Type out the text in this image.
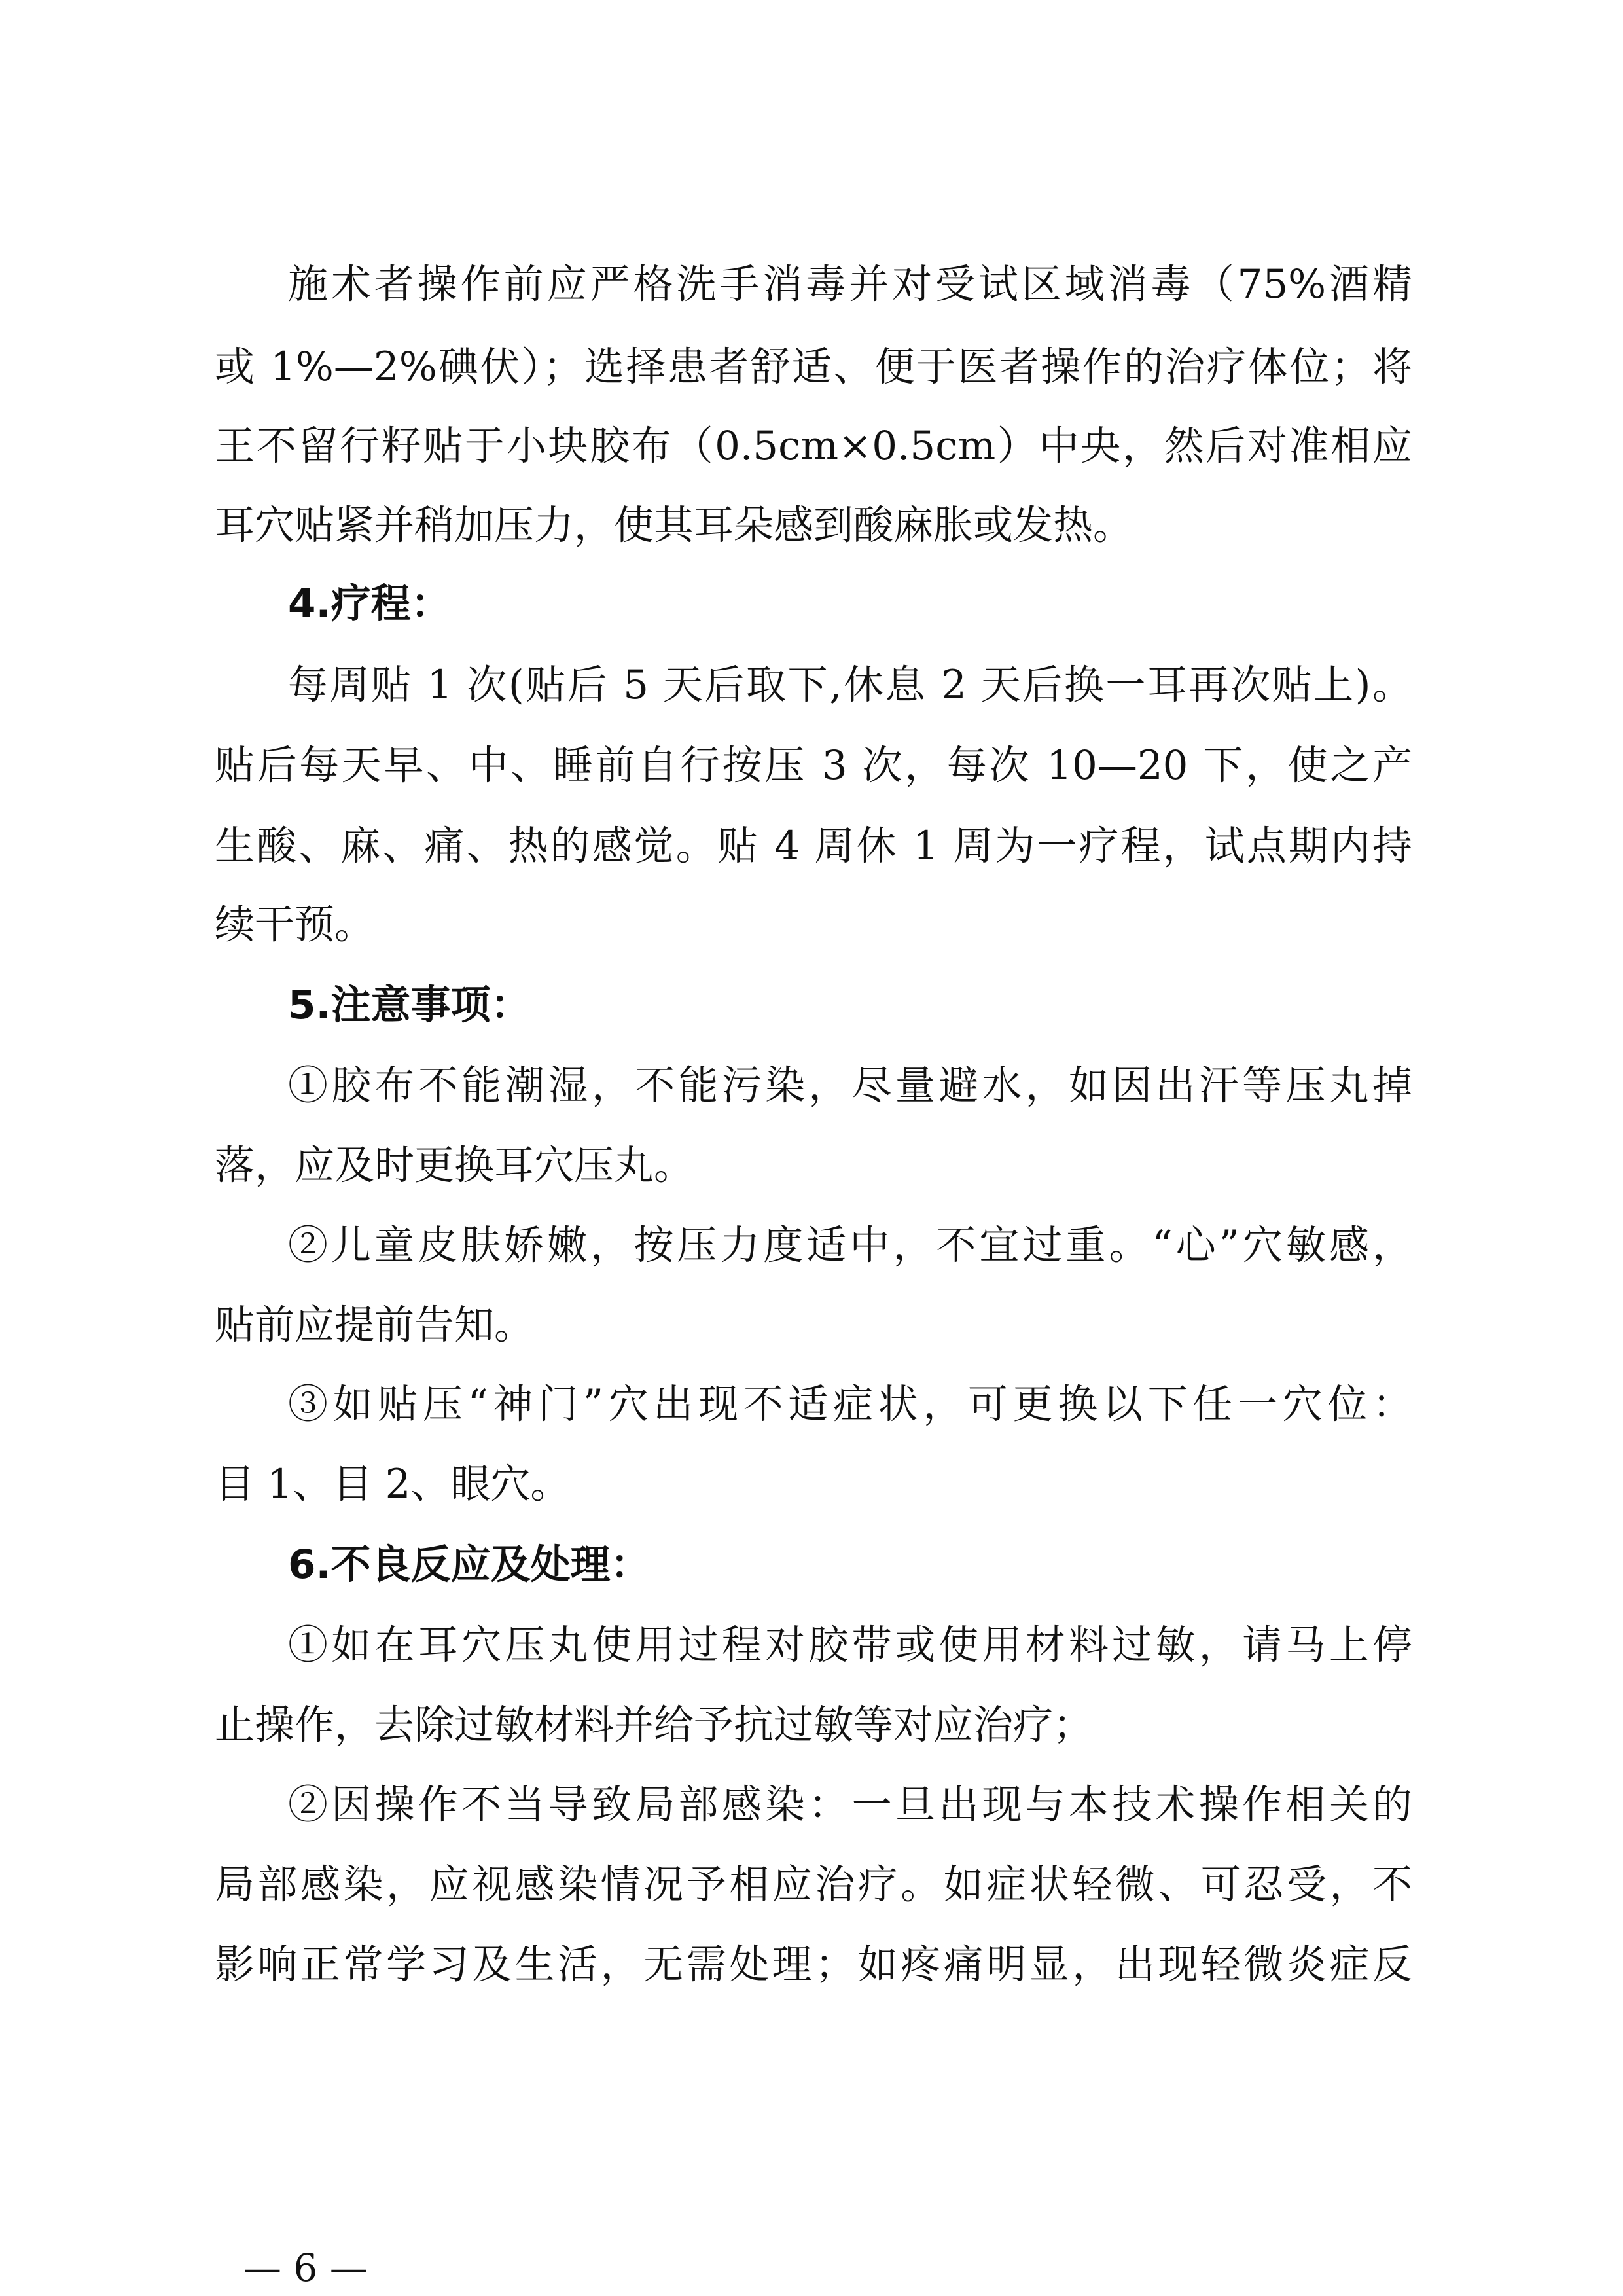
施术者操作前应严格洗手消毒并对受试区域消毒（75%酒精
或 1%—2%碘伏）；选择患者舒适、便于医者操作的治疗体位；将
王不留行籽贴于小块胶布（0.5cm×0.5cm）中央，然后对准相应
耳穴贴紧并稍加压力，使其耳朵感到酸麻胀或发热。
4.疗程：
每周贴 1 次(贴后 5 天后取下,休息 2 天后换一耳再次贴上)。
贴后每天早、中、睡前自行按压 3 次，每次 10—20 下，使之产
生酸、麻、痛、热的感觉。贴 4 周休 1 周为一疗程，试点期内持
续干预。
5.注意事项：
①胶布不能潮湿，不能污染，尽量避水，如因出汗等压丸掉
落，应及时更换耳穴压丸。
②儿童皮肤娇嫩，按压力度适中，不宜过重。“心”穴敏感，
贴前应提前告知。
③如贴压“神门”穴出现不适症状，可更换以下任一穴位：
目 1、目 2、眼穴。
6.不良反应及处理：
①如在耳穴压丸使用过程对胶带或使用材料过敏，请马上停
止操作，去除过敏材料并给予抗过敏等对应治疗；
②因操作不当导致局部感染：一旦出现与本技术操作相关的
局部感染，应视感染情况予相应治疗。如症状轻微、可忍受，不
影响正常学习及生活，无需处理；如疼痛明显，出现轻微炎症反
— 6 —
